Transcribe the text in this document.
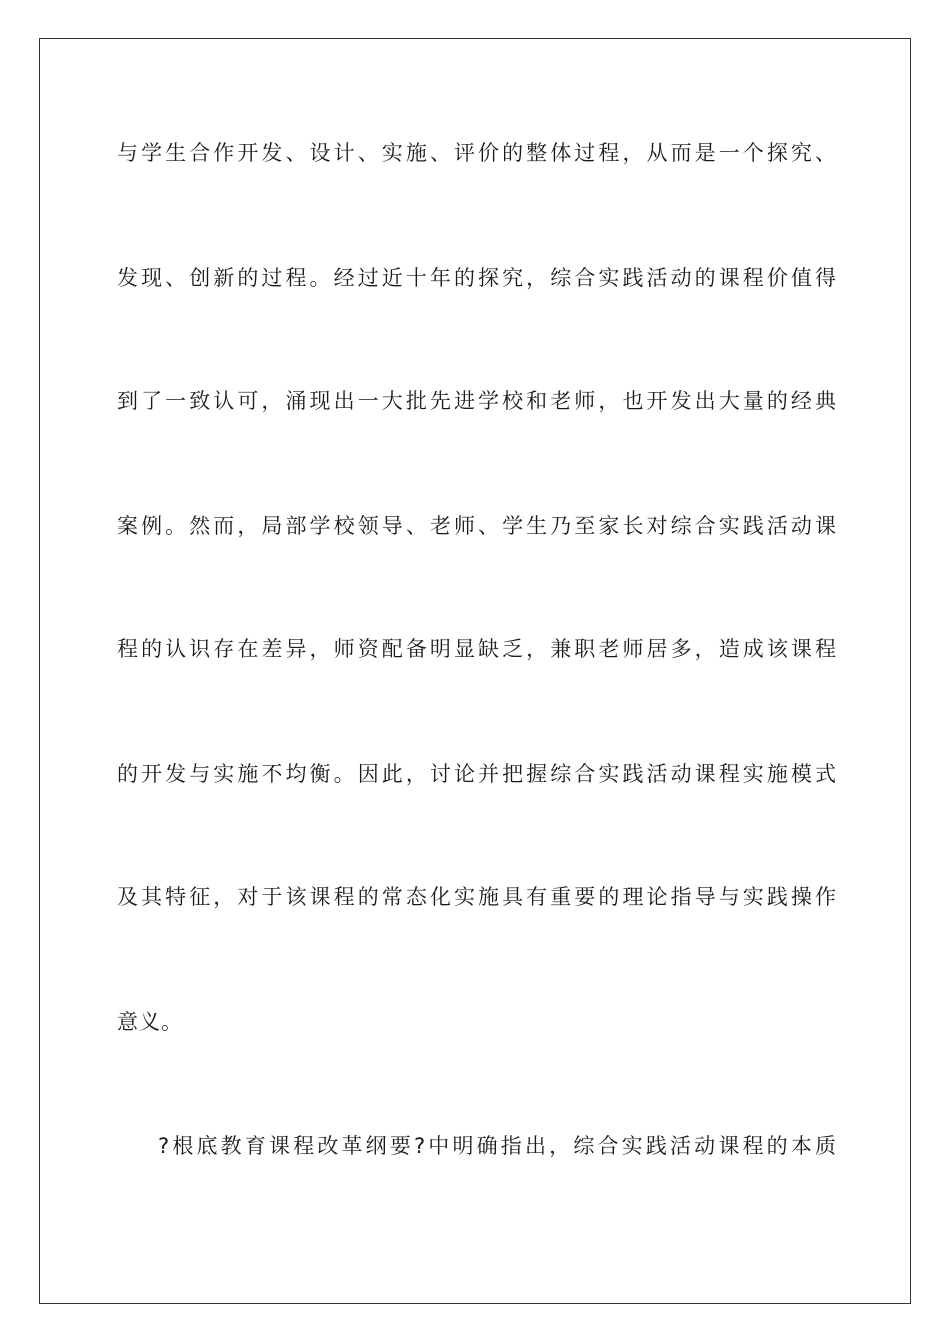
与学生合作开发、设计、实施、评价的整体过程，从而是一个探究、
发现、创新的过程。经过近十年的探究，综合实践活动的课程价值得
到了一致认可，涌现出一大批先进学校和老师，也开发出大量的经典
案例。然而，局部学校领导、老师、学生乃至家长对综合实践活动课
程的认识存在差异，师资配备明显缺乏，兼职老师居多，造成该课程
的开发与实施不均衡。因此，讨论并把握综合实践活动课程实施模式
及其特征，对于该课程的常态化实施具有重要的理论指导与实践操作
意义。
?根底教育课程改革纲要?中明确指出，综合实践活动课程的本质
